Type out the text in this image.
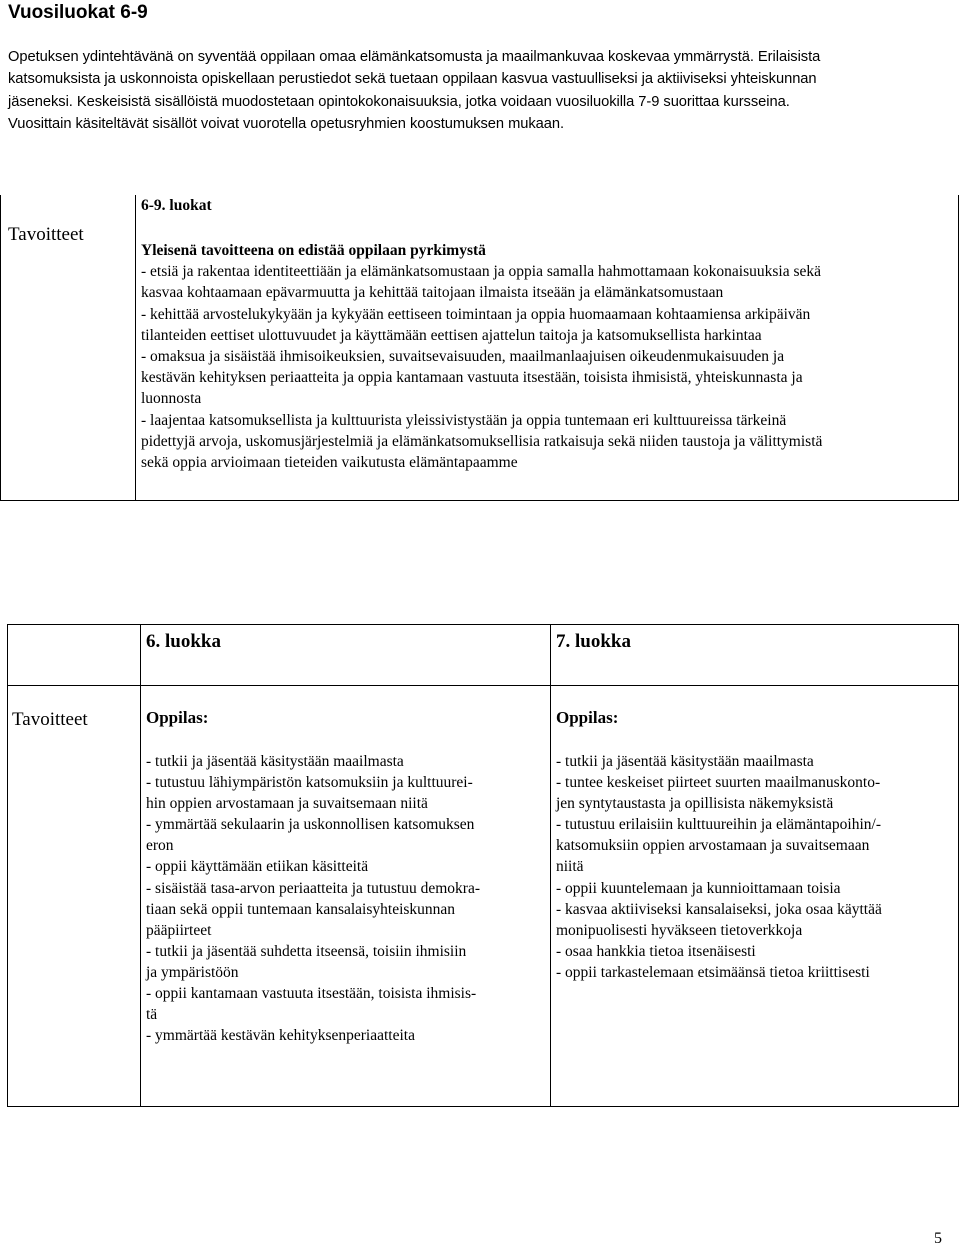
Vuosiluokat 6-9
Opetuksen ydintehtävänä on syventää oppilaan omaa elämänkatsomusta ja maailmankuvaa koskevaa ymmärrystä. Erilaisista
katsomuksista ja uskonnoista opiskellaan perustiedot sekä tuetaan oppilaan kasvua vastuulliseksi ja aktiiviseksi yhteiskunnan
jäseneksi. Keskeisistä sisällöistä muodostetaan opintokokonaisuuksia, jotka voidaan vuosiluokilla 7-9 suorittaa kursseina.
Vuosittain käsiteltävät sisällöt voivat vuorotella opetusryhmien koostumuksen mukaan.
Tavoitteet
6-9. luokat
Yleisenä tavoitteena on edistää oppilaan pyrkimystä
- etsiä ja rakentaa identiteettiään ja elämänkatsomustaan ja oppia samalla hahmottamaan kokonaisuuksia sekä
kasvaa kohtaamaan epävarmuutta ja kehittää taitojaan ilmaista itseään ja elämänkatsomustaan
- kehittää arvostelukykyään ja kykyään eettiseen toimintaan ja oppia huomaamaan kohtaamiensa arkipäivän
tilanteiden eettiset ulottuvuudet ja käyttämään eettisen ajattelun taitoja ja katsomuksellista harkintaa
- omaksua ja sisäistää ihmisoikeuksien, suvaitsevaisuuden, maailmanlaajuisen oikeudenmukaisuuden ja
kestävän kehityksen periaatteita ja oppia kantamaan vastuuta itsestään, toisista ihmisistä, yhteiskunnasta ja
luonnosta
- laajentaa katsomuksellista ja kulttuurista yleissivistystään ja oppia tuntemaan eri kulttuureissa tärkeinä
pidettyjä arvoja, uskomusjärjestelmiä ja elämänkatsomuksellisia ratkaisuja sekä niiden taustoja ja välittymistä
sekä oppia arvioimaan tieteiden vaikutusta elämäntapaamme
6. luokka	7. luokka
Tavoitteet	Oppilas:
- tutkii ja jäsentää käsitystään maailmasta
- tutustuu lähiympäristön katsomuksiin ja kulttuurei-
hin oppien arvostamaan ja suvaitsemaan niitä
- ymmärtää sekulaarin ja uskonnollisen katsomuksen
eron
- oppii käyttämään etiikan käsitteitä
- sisäistää tasa-arvon periaatteita ja tutustuu demokra-
tiaan sekä oppii tuntemaan kansalaisyhteiskunnan
pääpiirteet
- tutkii ja jäsentää suhdetta itseensä, toisiin ihmisiin
ja ympäristöön
- oppii kantamaan vastuuta itsestään, toisista ihmisis-
tä
- ymmärtää kestävän kehityksenperiaatteita
Oppilas:
- tutkii ja jäsentää käsitystään maailmasta
- tuntee keskeiset piirteet suurten maailmanuskonto-
jen syntytaustasta ja opillisista näkemyksistä
- tutustuu erilaisiin kulttuureihin ja elämäntapoihin/-
katsomuksiin oppien arvostamaan ja suvaitsemaan
niitä
- oppii kuuntelemaan ja kunnioittamaan toisia
- kasvaa aktiiviseksi kansalaiseksi, joka osaa käyttää
monipuolisesti hyväkseen tietoverkkoja
- osaa hankkia tietoa itsenäisesti
- oppii tarkastelemaan etsimäänsä tietoa kriittisesti
5
